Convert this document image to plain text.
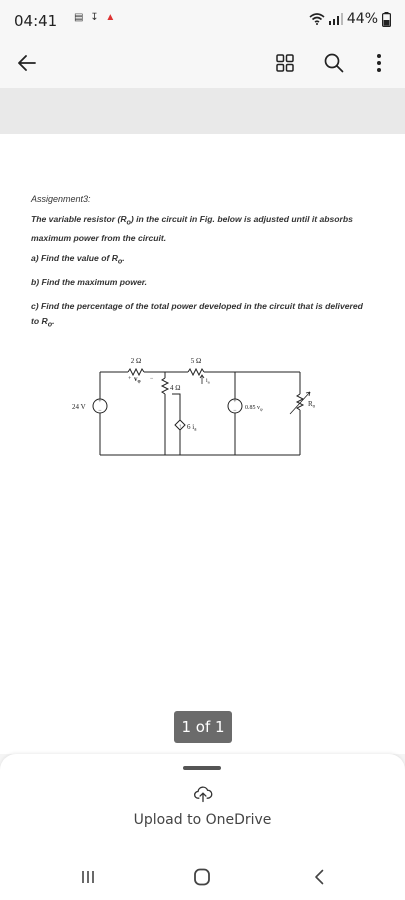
04:41 ▤ ↧ ▲	44%
Assigenment3:
The variable resistor $(R_o)$ in the circuit in Fig. below is adjusted until it absorbs maximum power from the circuit.
a) Find the value of $R_o$.
b) Find the maximum power.
c) Find the percentage of the total power developed in the circuit that is delivered to $R_o$.
+
−
+
−
↑
2 Ω	5 Ω
4 Ω
24 V
+ $v_\varphi$ −	$i_a$
6 $i_a$
0.85 $v_\varphi$
$R_o$
1 of 1
Upload to OneDrive
